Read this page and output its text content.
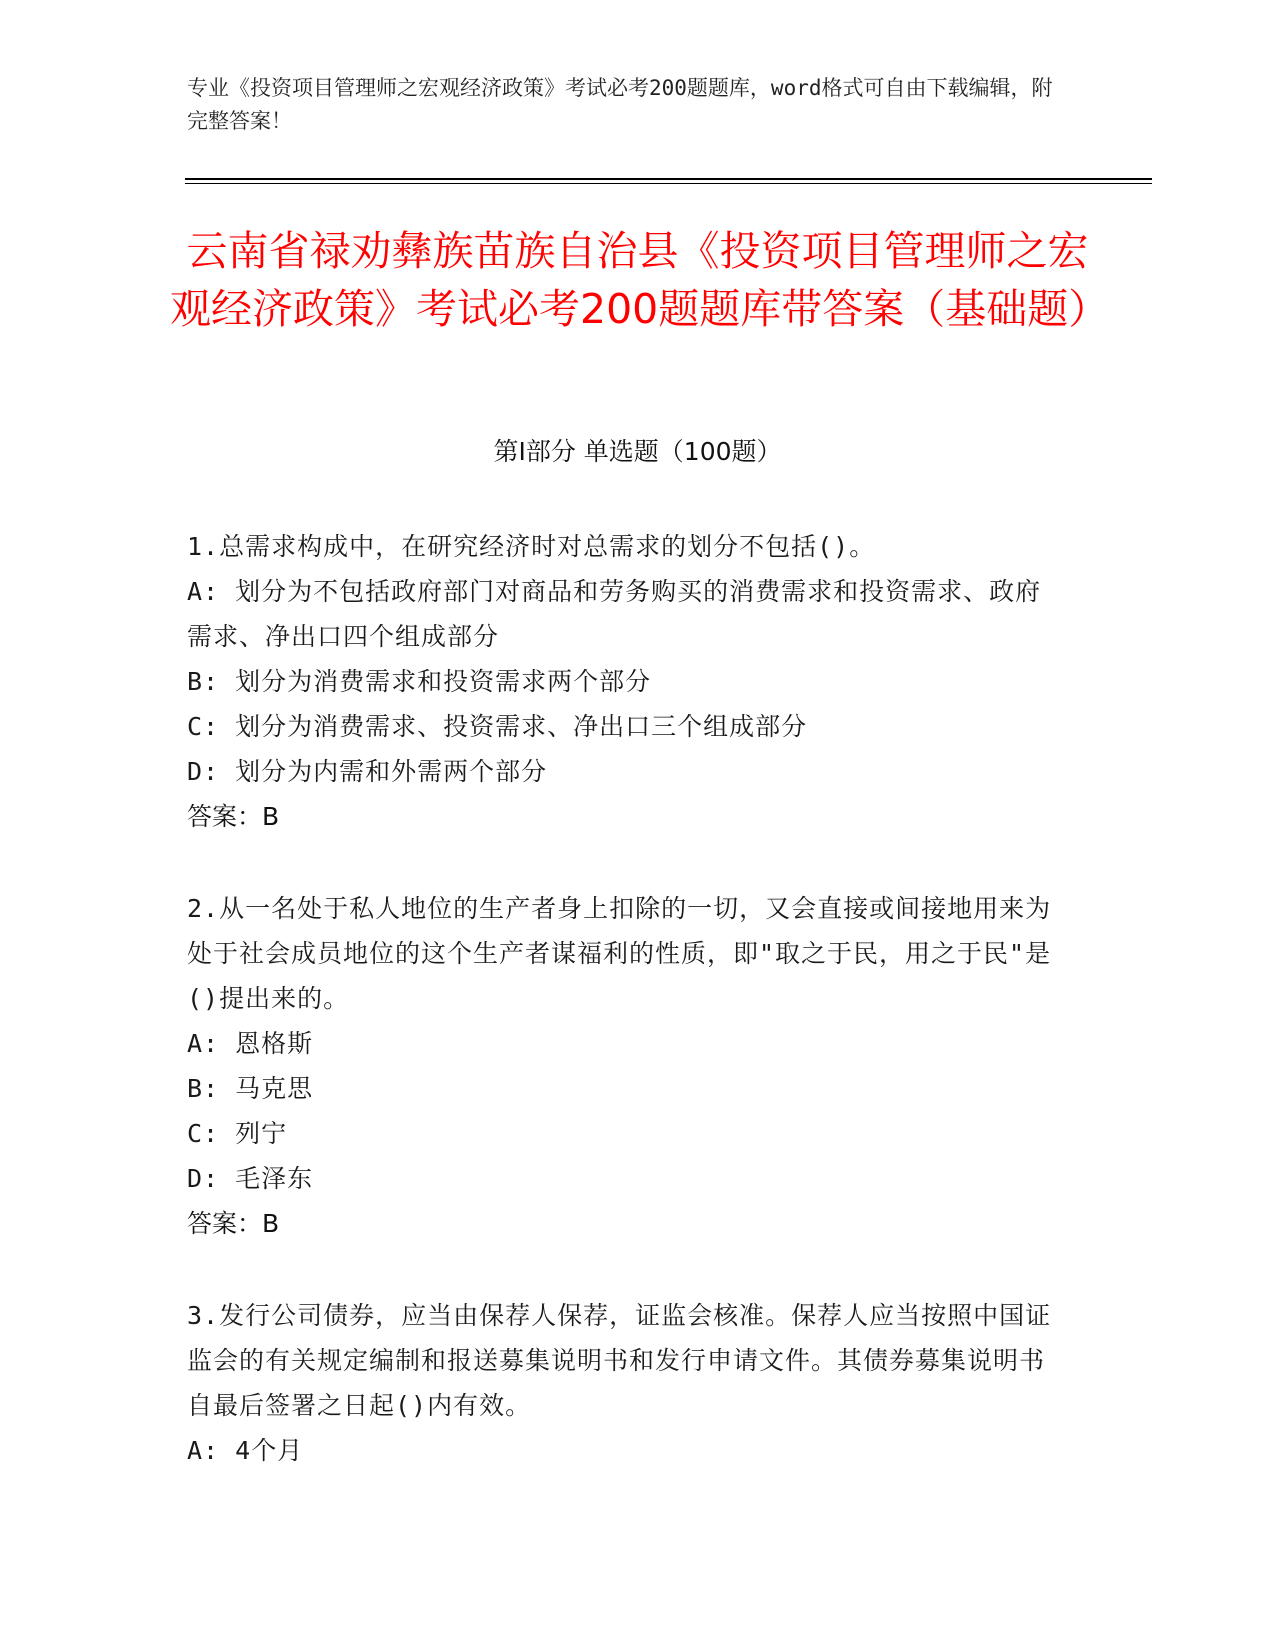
专业《投资项目管理师之宏观经济政策》考试必考200题题库，word格式可自由下载编辑，附完整答案！
云南省禄劝彝族苗族自治县《投资项目管理师之宏观经济政策》考试必考200题题库带答案（基础题）
第I部分 单选题（100题）

1.总需求构成中，在研究经济时对总需求的划分不包括()。

A: 划分为不包括政府部门对商品和劳务购买的消费需求和投资需求、政府需求、净出口四个组成部分

B: 划分为消费需求和投资需求两个部分

C: 划分为消费需求、投资需求、净出口三个组成部分

D: 划分为内需和外需两个部分

答案：B

2.从一名处于私人地位的生产者身上扣除的一切，又会直接或间接地用来为处于社会成员地位的这个生产者谋福利的性质，即"取之于民，用之于民"是()提出来的。

A: 恩格斯

B: 马克思

C: 列宁

D: 毛泽东

答案：B

3.发行公司债券，应当由保荐人保荐，证监会核准。保荐人应当按照中国证监会的有关规定编制和报送募集说明书和发行申请文件。其债券募集说明书自最后签署之日起()内有效。

A: 4个月
